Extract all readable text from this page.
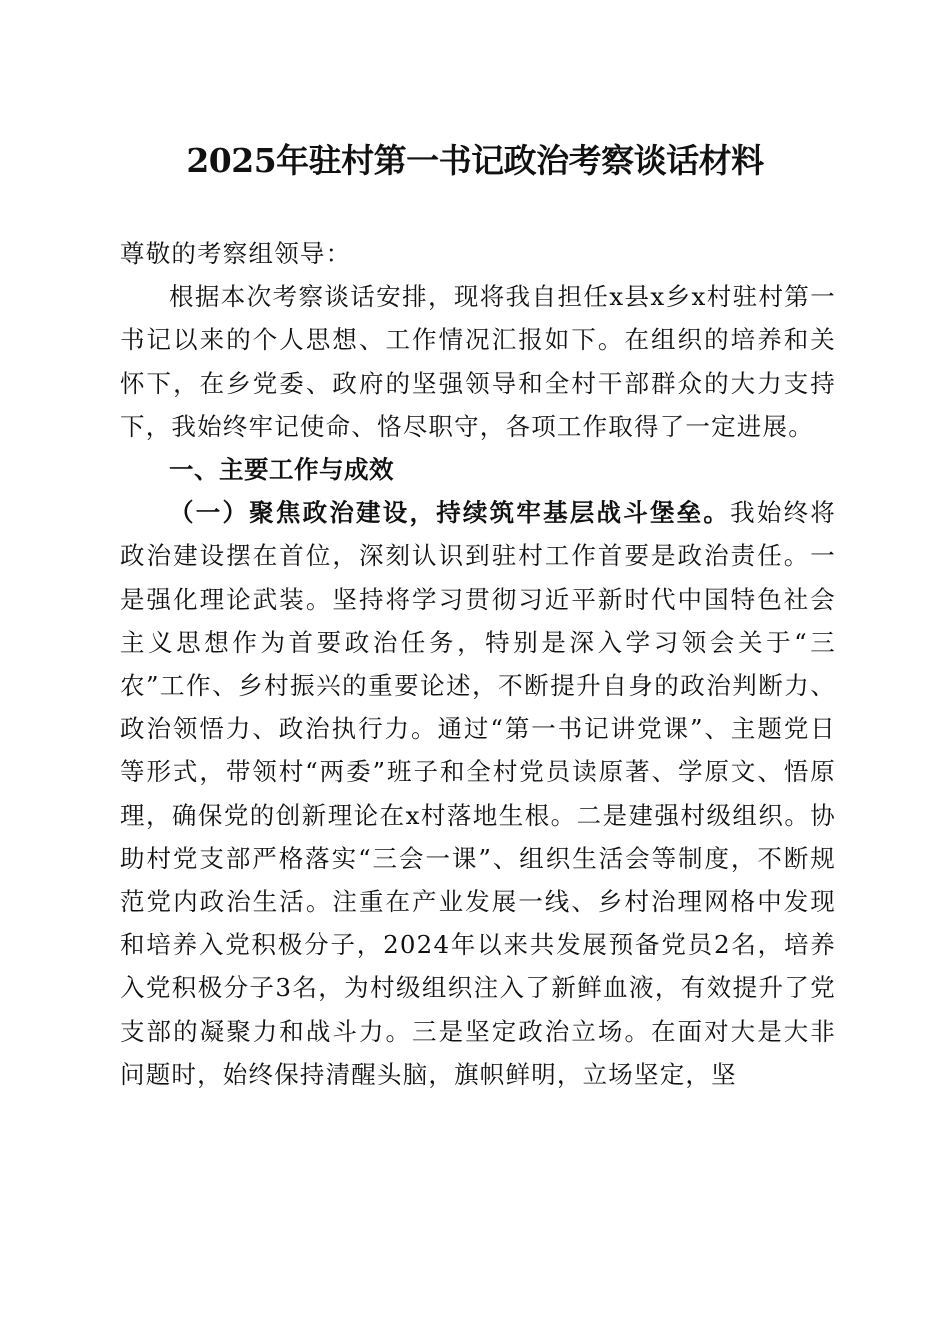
2025年驻村第一书记政治考察谈话材料

尊敬的考察组领导：

根据本次考察谈话安排，现将我自担任x县x乡x村驻村第一书记以来的个人思想、工作情况汇报如下。在组织的培养和关怀下，在乡党委、政府的坚强领导和全村干部群众的大力支持下，我始终牢记使命、恪尽职守，各项工作取得了一定进展。

一、主要工作与成效

（一）聚焦政治建设，持续筑牢基层战斗堡垒。我始终将政治建设摆在首位，深刻认识到驻村工作首要是政治责任。一是强化理论武装。坚持将学习贯彻习近平新时代中国特色社会主义思想作为首要政治任务，特别是深入学习领会关于“三农”工作、乡村振兴的重要论述，不断提升自身的政治判断力、政治领悟力、政治执行力。通过“第一书记讲党课”、主题党日等形式，带领村“两委”班子和全村党员读原著、学原文、悟原理，确保党的创新理论在x村落地生根。二是建强村级组织。协助村党支部严格落实“三会一课”、组织生活会等制度，不断规范党内政治生活。注重在产业发展一线、乡村治理网格中发现和培养入党积极分子，2024年以来共发展预备党员2名，培养入党积极分子3名，为村级组织注入了新鲜血液，有效提升了党支部的凝聚力和战斗力。三是坚定政治立场。在面对大是大非问题时，始终保持清醒头脑，旗帜鲜明，立场坚定，坚
